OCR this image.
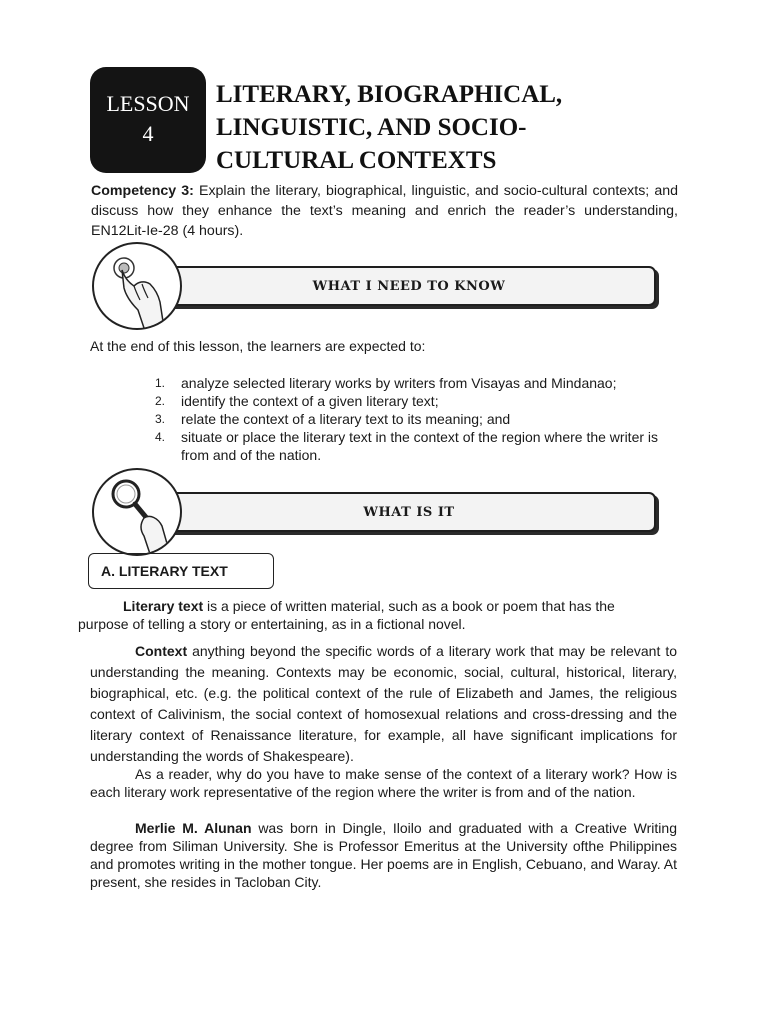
LESSON
4
LITERARY, BIOGRAPHICAL,
LINGUISTIC, AND SOCIO-
CULTURAL CONTEXTS
Competency 3: Explain the literary, biographical, linguistic, and socio-cultural contexts; and discuss how they enhance the text’s meaning and enrich the reader’s understanding, EN12Lit-Ie-28 (4 hours).
WHAT I NEED TO KNOW
At the end of this lesson, the learners are expected to:
1. analyze selected literary works by writers from Visayas and Mindanao;
2. identify the context of a given literary text;
3. relate the context of a literary text to its meaning; and
4. situate or place the literary text in the context of the region where the writer is from and of the nation.
WHAT IS IT
A. LITERARY TEXT
Literary text is a piece of written material, such as a book or poem that has the
purpose of telling a story or entertaining, as in a fictional novel.
Context anything beyond the specific words of a literary work that may be relevant to understanding the meaning. Contexts may be economic, social, cultural, historical, literary, biographical, etc. (e.g. the political context of the rule of Elizabeth and James, the religious context of Calivinism, the social context of homosexual relations and cross-dressing and the literary context of Renaissance literature, for example, all have significant implications for understanding the words of Shakespeare).
As a reader, why do you have to make sense of the context of a literary work? How is each literary work representative of the region where the writer is from and of the nation.
Merlie M. Alunan was born in Dingle, Iloilo and graduated with a Creative Writing degree from Siliman University. She is Professor Emeritus at the University ofthe Philippines and promotes writing in the mother tongue. Her poems are in English, Cebuano, and Waray. At present, she resides in Tacloban City.
